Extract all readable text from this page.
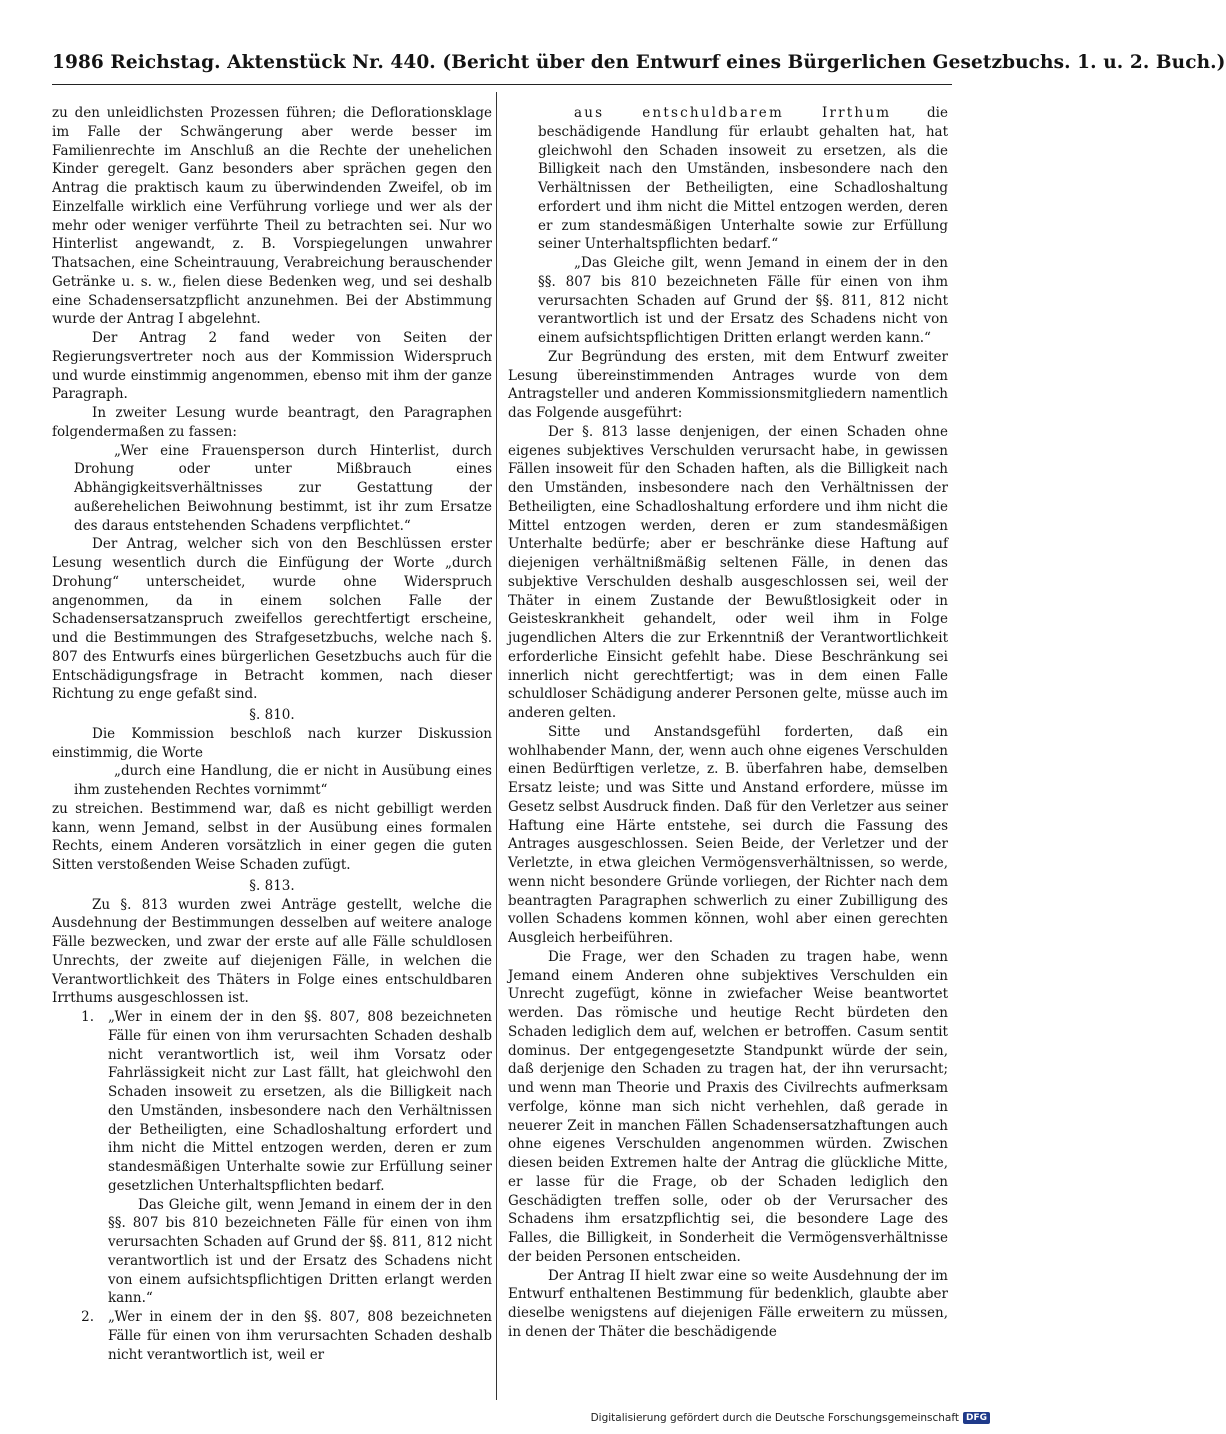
1986 Reichstag. Aktenstück Nr. 440. (Bericht über den Entwurf eines Bürgerlichen Gesetzbuchs. 1. u. 2. Buch.)

zu den unleidlichsten Prozessen führen; die Deflorationsklage im Falle der Schwängerung aber werde besser im Familienrechte im Anschluß an die Rechte der unehelichen Kinder geregelt. Ganz besonders aber sprächen gegen den Antrag die praktisch kaum zu überwindenden Zweifel, ob im Einzelfalle wirklich eine Verführung vorliege und wer als der mehr oder weniger verführte Theil zu betrachten sei. Nur wo Hinterlist angewandt, z. B. Vorspiegelungen unwahrer Thatsachen, eine Scheintrauung, Verabreichung berauschender Getränke u. s. w., fielen diese Bedenken weg, und sei deshalb eine Schadensersatzpflicht anzunehmen. Bei der Abstimmung wurde der Antrag I abgelehnt.

Der Antrag 2 fand weder von Seiten der Regierungsvertreter noch aus der Kommission Widerspruch und wurde einstimmig angenommen, ebenso mit ihm der ganze Paragraph.

In zweiter Lesung wurde beantragt, den Paragraphen folgendermaßen zu fassen:

„Wer eine Frauensperson durch Hinterlist, durch Drohung oder unter Mißbrauch eines Abhängigkeitsverhältnisses zur Gestattung der außerehelichen Beiwohnung bestimmt, ist ihr zum Ersatze des daraus entstehenden Schadens verpflichtet.“

Der Antrag, welcher sich von den Beschlüssen erster Lesung wesentlich durch die Einfügung der Worte „durch Drohung“ unterscheidet, wurde ohne Widerspruch angenommen, da in einem solchen Falle der Schadensersatzanspruch zweifellos gerechtfertigt erscheine, und die Bestimmungen des Strafgesetzbuchs, welche nach §. 807 des Entwurfs eines bürgerlichen Gesetzbuchs auch für die Entschädigungsfrage in Betracht kommen, nach dieser Richtung zu enge gefaßt sind.

§. 810.

Die Kommission beschloß nach kurzer Diskussion einstimmig, die Worte

„durch eine Handlung, die er nicht in Ausübung eines ihm zustehenden Rechtes vornimmt“

zu streichen. Bestimmend war, daß es nicht gebilligt werden kann, wenn Jemand, selbst in der Ausübung eines formalen Rechts, einem Anderen vorsätzlich in einer gegen die guten Sitten verstoßenden Weise Schaden zufügt.

§. 813.

Zu §. 813 wurden zwei Anträge gestellt, welche die Ausdehnung der Bestimmungen desselben auf weitere analoge Fälle bezwecken, und zwar der erste auf alle Fälle schuldlosen Unrechts, der zweite auf diejenigen Fälle, in welchen die Verantwortlichkeit des Thäters in Folge eines entschuldbaren Irrthums ausgeschlossen ist.

1.	„Wer in einem der in den §§. 807, 808 bezeichneten Fälle für einen von ihm verursachten Schaden deshalb nicht verantwortlich ist, weil ihm Vorsatz oder Fahrlässigkeit nicht zur Last fällt, hat gleichwohl den Schaden insoweit zu ersetzen, als die Billigkeit nach den Umständen, insbesondere nach den Verhältnissen der Betheiligten, eine Schadloshaltung erfordert und ihm nicht die Mittel entzogen werden, deren er zum standesmäßigen Unterhalte sowie zur Erfüllung seiner gesetzlichen Unterhaltspflichten bedarf.

Das Gleiche gilt, wenn Jemand in einem der in den §§. 807 bis 810 bezeichneten Fälle für einen von ihm verursachten Schaden auf Grund der §§. 811, 812 nicht verantwortlich ist und der Ersatz des Schadens nicht von einem aufsichtspflichtigen Dritten erlangt werden kann.“

2.	„Wer in einem der in den §§. 807, 808 bezeichneten Fälle für einen von ihm verursachten Schaden deshalb nicht verantwortlich ist, weil er

aus entschuldbarem Irrthum die beschädigende Handlung für erlaubt gehalten hat, hat gleichwohl den Schaden insoweit zu ersetzen, als die Billigkeit nach den Umständen, insbesondere nach den Verhältnissen der Betheiligten, eine Schadloshaltung erfordert und ihm nicht die Mittel entzogen werden, deren er zum standesmäßigen Unterhalte sowie zur Erfüllung seiner Unterhaltspflichten bedarf.“

„Das Gleiche gilt, wenn Jemand in einem der in den §§. 807 bis 810 bezeichneten Fälle für einen von ihm verursachten Schaden auf Grund der §§. 811, 812 nicht verantwortlich ist und der Ersatz des Schadens nicht von einem aufsichtspflichtigen Dritten erlangt werden kann.“

Zur Begründung des ersten, mit dem Entwurf zweiter Lesung übereinstimmenden Antrages wurde von dem Antragsteller und anderen Kommissionsmitgliedern namentlich das Folgende ausgeführt:

Der §. 813 lasse denjenigen, der einen Schaden ohne eigenes subjektives Verschulden verursacht habe, in gewissen Fällen insoweit für den Schaden haften, als die Billigkeit nach den Umständen, insbesondere nach den Verhältnissen der Betheiligten, eine Schadloshaltung erfordere und ihm nicht die Mittel entzogen werden, deren er zum standesmäßigen Unterhalte bedürfe; aber er beschränke diese Haftung auf diejenigen verhältnißmäßig seltenen Fälle, in denen das subjektive Verschulden deshalb ausgeschlossen sei, weil der Thäter in einem Zustande der Bewußtlosigkeit oder in Geisteskrankheit gehandelt, oder weil ihm in Folge jugendlichen Alters die zur Erkenntniß der Verantwortlichkeit erforderliche Einsicht gefehlt habe. Diese Beschränkung sei innerlich nicht gerechtfertigt; was in dem einen Falle schuldloser Schädigung anderer Personen gelte, müsse auch im anderen gelten.

Sitte und Anstandsgefühl forderten, daß ein wohlhabender Mann, der, wenn auch ohne eigenes Verschulden einen Bedürftigen verletze, z. B. überfahren habe, demselben Ersatz leiste; und was Sitte und Anstand erfordere, müsse im Gesetz selbst Ausdruck finden. Daß für den Verletzer aus seiner Haftung eine Härte entstehe, sei durch die Fassung des Antrages ausgeschlossen. Seien Beide, der Verletzer und der Verletzte, in etwa gleichen Vermögensverhältnissen, so werde, wenn nicht besondere Gründe vorliegen, der Richter nach dem beantragten Paragraphen schwerlich zu einer Zubilligung des vollen Schadens kommen können, wohl aber einen gerechten Ausgleich herbeiführen.

Die Frage, wer den Schaden zu tragen habe, wenn Jemand einem Anderen ohne subjektives Verschulden ein Unrecht zugefügt, könne in zwiefacher Weise beantwortet werden. Das römische und heutige Recht bürdeten den Schaden lediglich dem auf, welchen er betroffen. Casum sentit dominus. Der entgegengesetzte Standpunkt würde der sein, daß derjenige den Schaden zu tragen hat, der ihn verursacht; und wenn man Theorie und Praxis des Civilrechts aufmerksam verfolge, könne man sich nicht verhehlen, daß gerade in neuerer Zeit in manchen Fällen Schadensersatzhaftungen auch ohne eigenes Verschulden angenommen würden. Zwischen diesen beiden Extremen halte der Antrag die glückliche Mitte, er lasse für die Frage, ob der Schaden lediglich den Geschädigten treffen solle, oder ob der Verursacher des Schadens ihm ersatzpflichtig sei, die besondere Lage des Falles, die Billigkeit, in Sonderheit die Vermögensverhältnisse der beiden Personen entscheiden.

Der Antrag II hielt zwar eine so weite Ausdehnung der im Entwurf enthaltenen Bestimmung für bedenklich, glaubte aber dieselbe wenigstens auf diejenigen Fälle erweitern zu müssen, in denen der Thäter die beschädigende

Digitalisierung gefördert durch die Deutsche Forschungsgemeinschaft DFG
